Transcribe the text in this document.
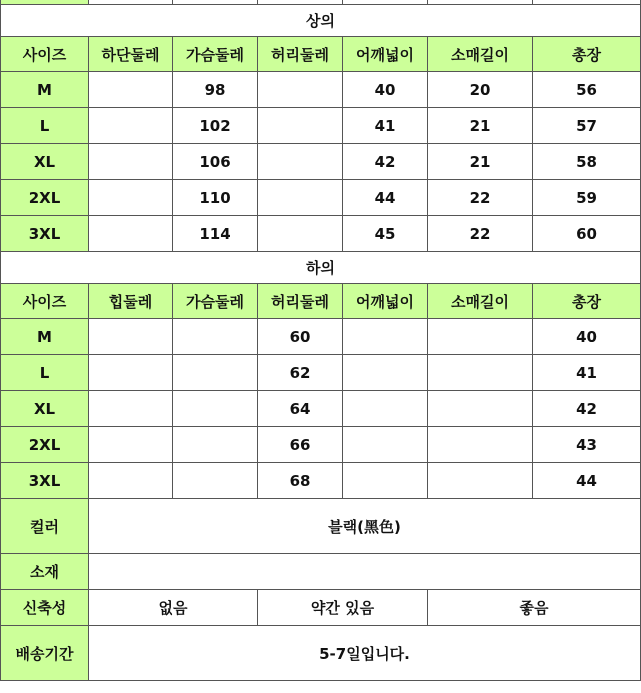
상의						
사이즈	하단둘레	가슴둘레	허리둘레	어깨넓이	소매길이	총장
M		98		40	20	56
L		102		41	21	57
XL		106		42	21	58
2XL		110		44	22	59
3XL		114		45	22	60
하의						
사이즈	힙둘레	가슴둘레	허리둘레	어깨넓이	소매길이	총장
M			60			40
L			62			41
XL			64			42
2XL			66			43
3XL			68			44
컬러	블랙(黑色)					
소재						
신축성	없음		약간 있음		좋음	
배송기간	5-7일입니다.					
